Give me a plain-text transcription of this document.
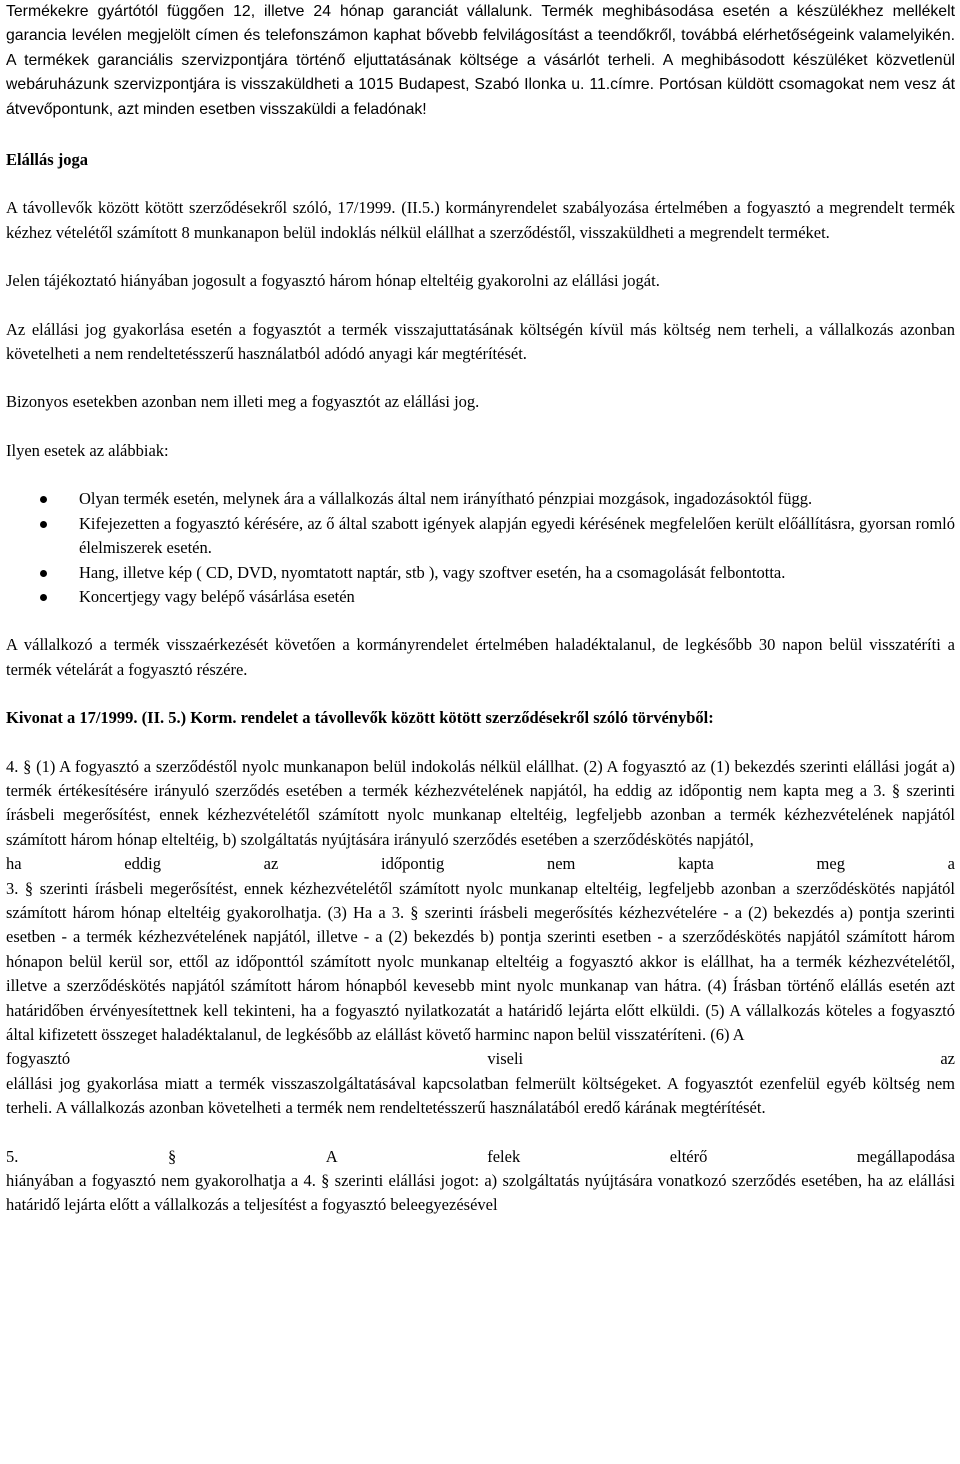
Termékekre gyártótól függően 12, illetve 24 hónap garanciát vállalunk. Termék meghibásodása esetén a készülékhez mellékelt garancia levélen megjelölt címen és telefonszámon kaphat bővebb felvilágosítást a teendőkről, továbbá elérhetőségeink valamelyikén. A termékek garanciális szervizpontjára történő eljuttatásának költsége a vásárlót terheli. A meghibásodott készüléket közvetlenül webáruházunk szervizpontjára is visszaküldheti a 1015 Budapest, Szabó Ilonka u. 11.címre. Portósan küldött csomagokat nem vesz át átvevőpontunk, azt minden esetben visszaküldi a feladónak!

Elállás joga

A távollevők között kötött szerződésekről szóló, 17/1999. (II.5.) kormányrendelet szabályozása értelmében a fogyasztó a megrendelt termék kézhez vételétől számított 8 munkanapon belül indoklás nélkül elállhat a szerződéstől, visszaküldheti a megrendelt terméket.

Jelen tájékoztató hiányában jogosult a fogyasztó három hónap elteltéig gyakorolni az elállási jogát.

Az elállási jog gyakorlása esetén a fogyasztót a termék visszajuttatásának költségén kívül más költség nem terheli, a vállalkozás azonban követelheti a nem rendeltetésszerű használatból adódó anyagi kár megtérítését.

Bizonyos esetekben azonban nem illeti meg a fogyasztót az elállási jog.

Ilyen esetek az alábbiak:

Olyan termék esetén, melynek ára a vállalkozás által nem irányítható pénzpiai mozgások, ingadozásoktól függ.
Kifejezetten a fogyasztó kérésére, az ő által szabott igények alapján egyedi kérésének megfelelően került előállításra, gyorsan romló élelmiszerek esetén.
Hang, illetve kép ( CD, DVD, nyomtatott naptár, stb ), vagy szoftver esetén, ha a csomagolását felbontotta.
Koncertjegy vagy belépő vásárlása esetén

A vállalkozó a termék visszaérkezését követően a kormányrendelet értelmében haladéktalanul, de legkésőbb 30 napon belül visszatéríti a termék vételárát a fogyasztó részére.

Kivonat a 17/1999. (II. 5.) Korm. rendelet a távollevők között kötött szerződésekről szóló törvényből:

4. § (1) A fogyasztó a szerződéstől nyolc munkanapon belül indokolás nélkül elállhat. (2) A fogyasztó az (1) bekezdés szerinti elállási jogát a) termék értékesítésére irányuló szerződés esetében a termék kézhezvételének napjától, ha eddig az időpontig nem kapta meg a 3. § szerinti írásbeli megerősítést, ennek kézhezvételétől számított nyolc munkanap elteltéig, legfeljebb azonban a termék kézhezvételének napjától számított három hónap elteltéig, b) szolgáltatás nyújtására irányuló szerződés esetében a szerződéskötés napjától,

ha	eddig	az	időpontig	nem	kapta	meg	a

3. § szerinti írásbeli megerősítést, ennek kézhezvételétől számított nyolc munkanap elteltéig, legfeljebb azonban a szerződéskötés napjától számított három hónap elteltéig gyakorolhatja. (3) Ha a 3. § szerinti írásbeli megerősítés kézhezvételére - a (2) bekezdés a) pontja szerinti esetben - a termék kézhezvételének napjától, illetve - a (2) bekezdés b) pontja szerinti esetben - a szerződéskötés napjától számított három hónapon belül kerül sor, ettől az időponttól számított nyolc munkanap elteltéig a fogyasztó akkor is elállhat, ha a termék kézhezvételétől, illetve a szerződéskötés napjától számított három hónapból kevesebb mint nyolc munkanap van hátra. (4) Írásban történő elállás esetén azt határidőben érvényesítettnek kell tekinteni, ha a fogyasztó nyilatkozatát a határidő lejárta előtt elküldi. (5) A vállalkozás köteles a fogyasztó által kifizetett összeget haladéktalanul, de legkésőbb az elállást követő harminc napon belül visszatéríteni. (6) A

fogyasztó	viseli	az

elállási jog gyakorlása miatt a termék visszaszolgáltatásával kapcsolatban felmerült költségeket. A fogyasztót ezenfelül egyéb költség nem terheli. A vállalkozás azonban követelheti a termék nem rendeltetésszerű használatából eredő kárának megtérítését.

5.	§	A	felek	eltérő	megállapodása

hiányában a fogyasztó nem gyakorolhatja a 4. § szerinti elállási jogot: a) szolgáltatás nyújtására vonatkozó szerződés esetében, ha az elállási határidő lejárta előtt a vállalkozás a teljesítést a fogyasztó beleegyezésével
